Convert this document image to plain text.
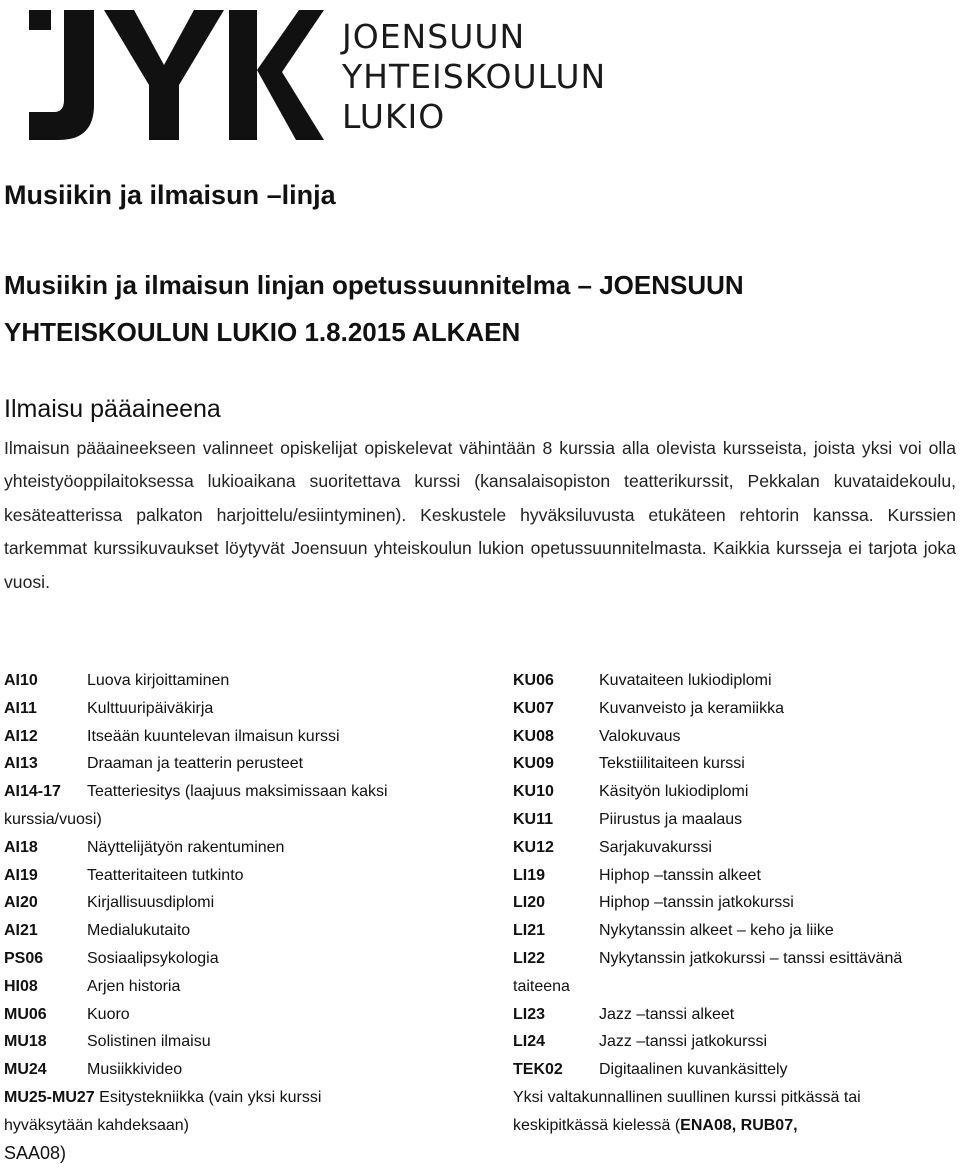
JOENSUUN
YHTEISKOULUN
LUKIO
Musiikin ja ilmaisun –linja
Musiikin ja ilmaisun linjan opetussuunnitelma – JOENSUUN
YHTEISKOULUN LUKIO 1.8.2015 ALKAEN
Ilmaisu pääaineena

Ilmaisun pääaineekseen valinneet opiskelijat opiskelevat vähintään 8 kurssia alla olevista kursseista, joista yksi voi olla yhteistyöoppilaitoksessa lukioaikana suoritettava kurssi (kansalaisopiston teatterikurssit, Pekkalan kuvataidekoulu, kesäteatterissa palkaton harjoittelu/esiintyminen). Keskustele hyväksiluvusta etukäteen rehtorin kanssa. Kurssien tarkemmat kurssikuvaukset löytyvät Joensuun yhteiskoulun lukion opetussuunnitelmasta. Kaikkia kursseja ei tarjota joka vuosi.

AI10	Luova kirjoittaminen
AI11	Kulttuuripäiväkirja
AI12	Itseään kuuntelevan ilmaisun kurssi
AI13	Draaman ja teatterin perusteet
AI14-17 Teatteriesitys (laajuus maksimissaan kaksi
kurssia/vuosi)
AI18	Näyttelijätyön rakentuminen
AI19	Teatteritaiteen tutkinto
AI20	Kirjallisuusdiplomi
AI21	Medialukutaito
PS06	Sosiaalipsykologia
HI08	Arjen historia
MU06	Kuoro
MU18	Solistinen ilmaisu
MU24	Musiikkivideo
MU25-MU27 Esitystekniikka (vain yksi kurssi
hyväksytään kahdeksaan)
SAA08)
KU06	Kuvataiteen lukiodiplomi
KU07	Kuvanveisto ja keramiikka
KU08	Valokuvaus
KU09	Tekstiilitaiteen kurssi
KU10	Käsityön lukiodiplomi
KU11	Piirustus ja maalaus
KU12	Sarjakuvakurssi
LI19	Hiphop –tanssin alkeet
LI20	Hiphop –tanssin jatkokurssi
LI21	Nykytanssin alkeet – keho ja liike
LI22	Nykytanssin jatkokurssi – tanssi esittävänä
taiteena
LI23	Jazz –tanssi alkeet
LI24	Jazz –tanssi jatkokurssi
TEK02 Digitaalinen kuvankäsittely
Yksi valtakunnallinen suullinen kurssi pitkässä tai
keskipitkässä kielessä (ENA08, RUB07,
